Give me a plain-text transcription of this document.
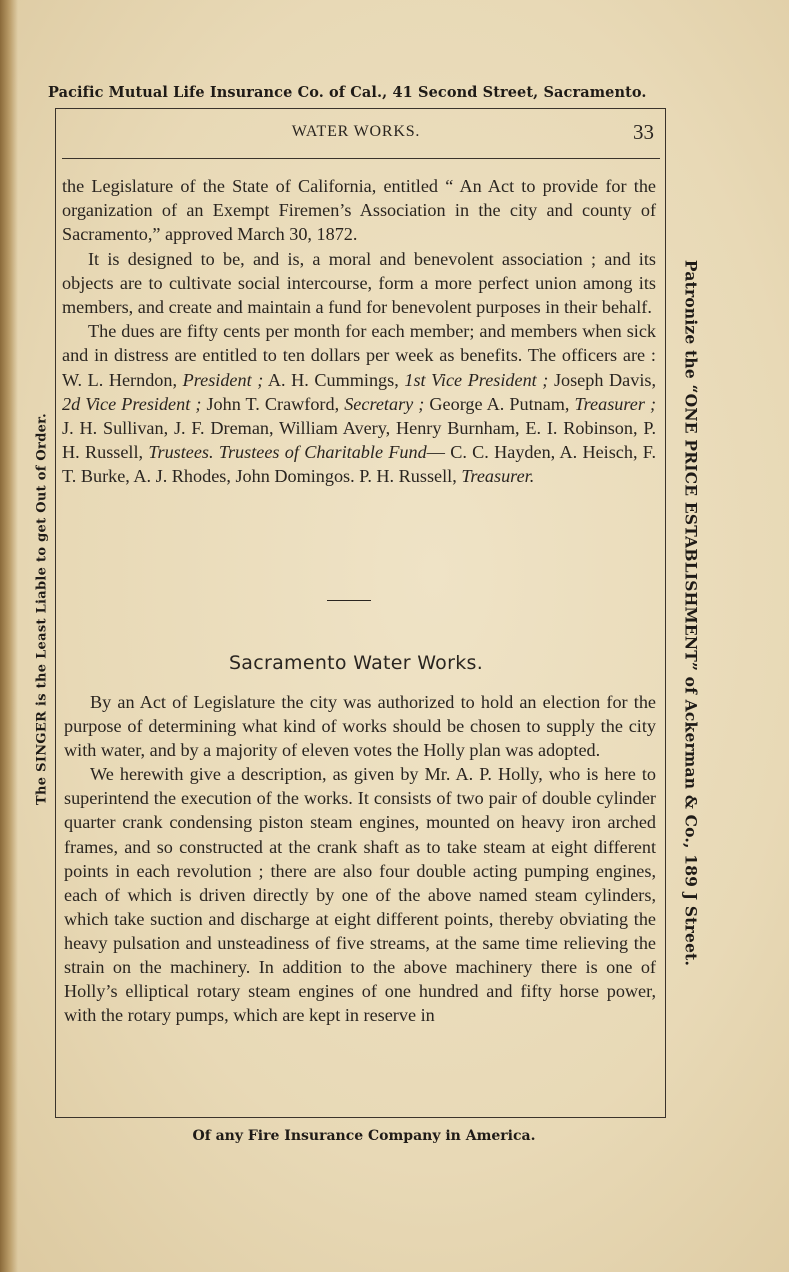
Pacific Mutual Life Insurance Co. of Cal., 41 Second Street, Sacramento.
The SINGER is the Least Liable to get Out of Order.	Patronize the “ONE PRICE ESTABLISHMENT” of Ackerman & Co., 189 J Street.
WATER WORKS.	33

the Legislature of the State of California, entitled “ An Act to provide for the organization of an Exempt Firemen’s Association in the city and county of Sacramento,” approved March 30, 1872.

It is designed to be, and is, a moral and benevolent association ; and its objects are to cultivate social intercourse, form a more perfect union among its members, and create and maintain a fund for benevolent purposes in their behalf.

The dues are fifty cents per month for each member; and members when sick and in distress are entitled to ten dollars per week as benefits. The officers are : W. L. Herndon, President ; A. H. Cummings, 1st Vice President ; Joseph Davis, 2d Vice President ; John T. Crawford, Secretary ; George A. Putnam, Treasurer ; J. H. Sullivan, J. F. Dreman, William Avery, Henry Burnham, E. I. Robinson, P. H. Russell, Trustees. Trustees of Charitable Fund— C. C. Hayden, A. Heisch, F. T. Burke, A. J. Rhodes, John Domingos. P. H. Russell, Treasurer.

Sacramento Water Works.

By an Act of Legislature the city was authorized to hold an election for the purpose of determining what kind of works should be chosen to supply the city with water, and by a majority of eleven votes the Holly plan was adopted.

We herewith give a description, as given by Mr. A. P. Holly, who is here to superintend the execution of the works. It consists of two pair of double cylinder quarter crank condensing piston steam engines, mounted on heavy iron arched frames, and so constructed at the crank shaft as to take steam at eight different points in each revolution ; there are also four double acting pumping engines, each of which is driven directly by one of the above named steam cylinders, which take suction and discharge at eight different points, thereby obviating the heavy pulsation and unsteadiness of five streams, at the same time relieving the strain on the machinery. In addition to the above machinery there is one of Holly’s elliptical rotary steam engines of one hundred and fifty horse power, with the rotary pumps, which are kept in reserve in

Of any Fire Insurance Company in America.
